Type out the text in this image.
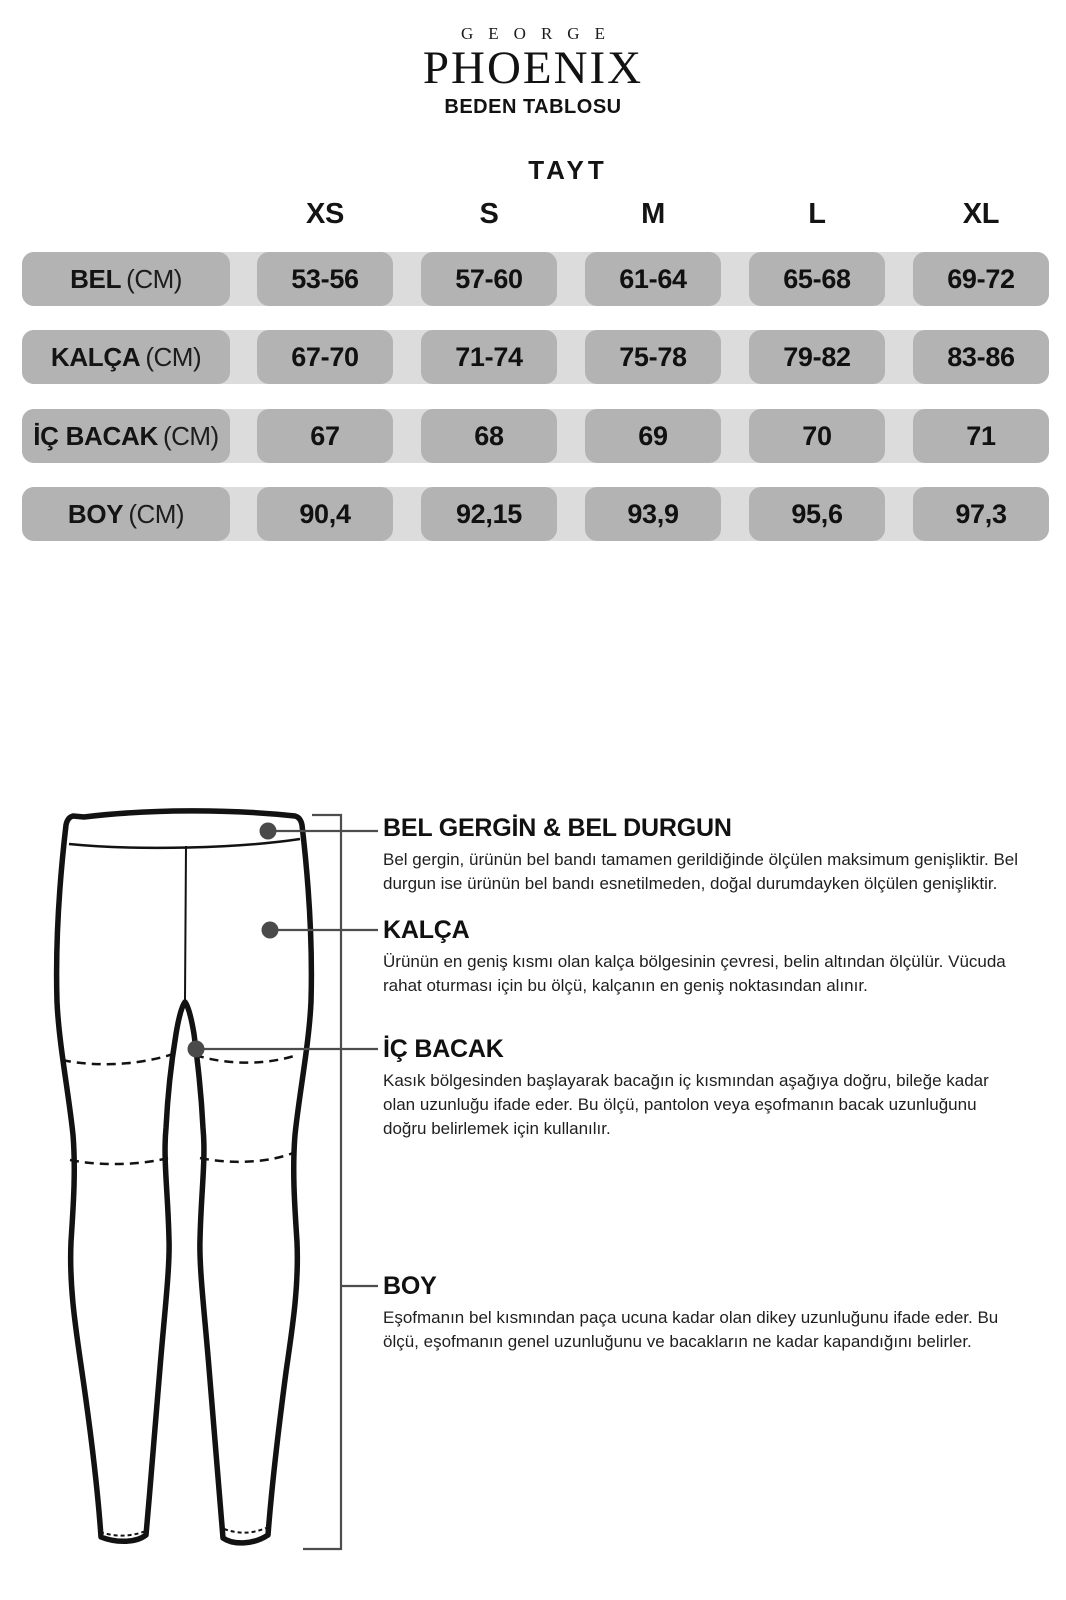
GEORGE
PHOENIX
BEDEN TABLOSU
TAYT
XS	S	M	L	XL
BEL (CM)	53-56	57-60	61-64	65-68	69-72
KALÇA (CM)	67-70	71-74	75-78	79-82	83-86
İÇ BACAK (CM)	67	68	69	70	71
BOY (CM)	90,4	92,15	93,9	95,6	97,3
BEL GERGİN & BEL DURGUN

Bel gergin, ürünün bel bandı tamamen gerildiğinde ölçülen maksimum genişliktir. Bel durgun ise ürünün bel bandı esnetilmeden, doğal durumdayken ölçülen genişliktir.

KALÇA

Ürünün en geniş kısmı olan kalça bölgesinin çevresi, belin altından ölçülür. Vücuda rahat oturması için bu ölçü, kalçanın en geniş noktasından alınır.

İÇ BACAK

Kasık bölgesinden başlayarak bacağın iç kısmından aşağıya doğru, bileğe kadar olan uzunluğu ifade eder. Bu ölçü, pantolon veya eşofmanın bacak uzunluğunu doğru belirlemek için kullanılır.

BOY

Eşofmanın bel kısmından paça ucuna kadar olan dikey uzunluğunu ifade eder. Bu ölçü, eşofmanın genel uzunluğunu ve bacakların ne kadar kapandığını belirler.
